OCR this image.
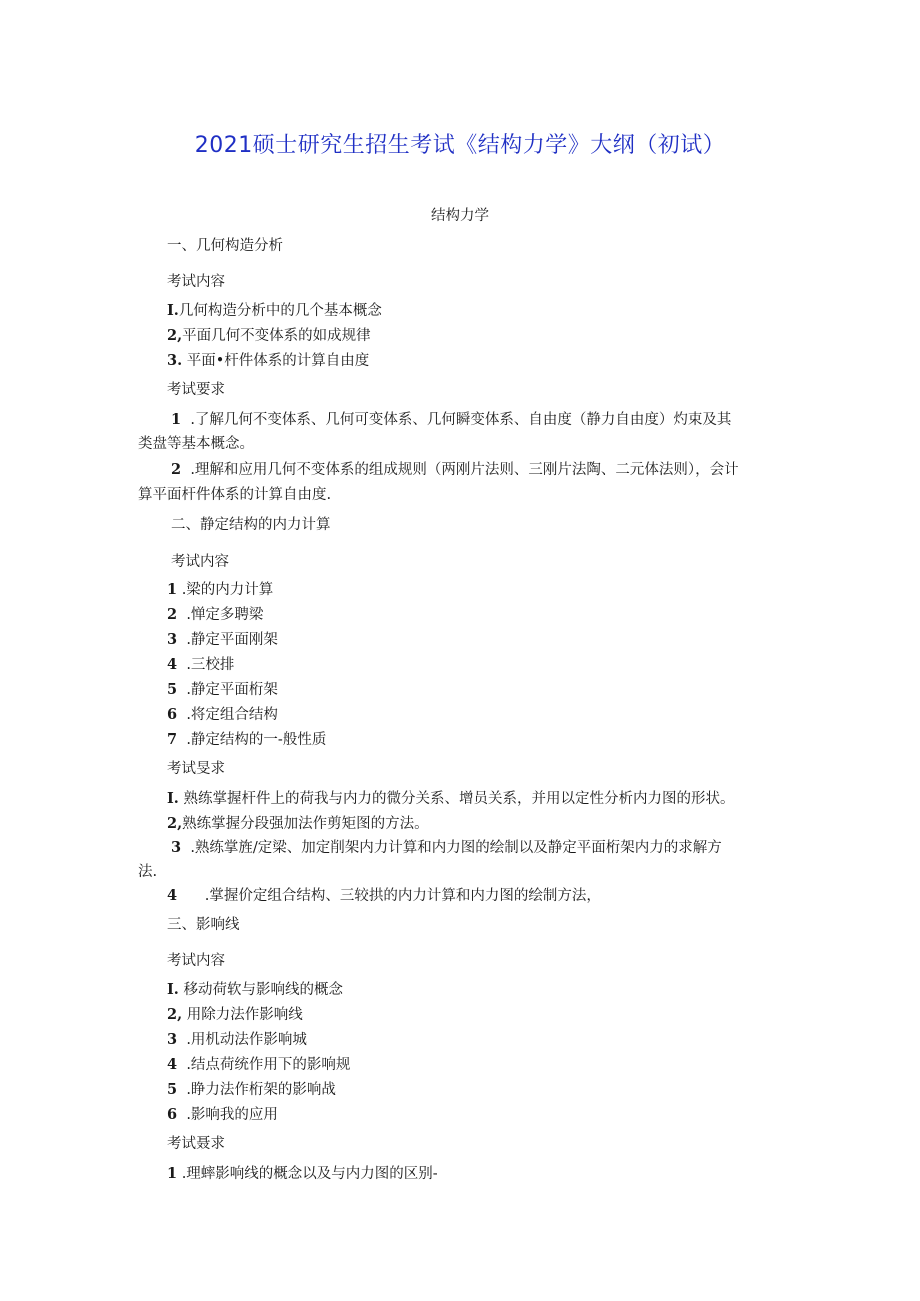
2021硕士研究生招生考试《结构力学》大纲（初试）
结构力学
一、几何构造分析
考试内容
I.几何构造分析中的几个基本概念
2,平面几何不变体系的如成规律
3. 平面•杆件体系的计算自由度
考试要求
1 .了解几何不变体系、几何可变体系、几何瞬变体系、自由度（静力自由度）灼束及其
类盘等基本概念。
2 .理解和应用几何不变体系的组成规则（两刚片法则、三刚片法陶、二元体法则），会计
算平面杆件体系的计算自由度.
二、静定结构的内力计算
考试内容
1 .梁的内力计算
2 .惮定多聘梁
3 .静定平面刚架
4 .三校排
5 .静定平面桁架
6 .将定组合结构
7 .静定结构的一-般性质
考试旻求
I. 熟练掌握杆件上的荷我与内力的微分关系、增员关系，并用以定性分析内力图的形状。
2,熟练掌握分段强加法作剪矩图的方法。
3 .熟练掌旌/定梁、加定削架内力计算和内力图的绘制以及静定平面桁架内力的求解方
法.
4 .掌握价定组合结构、三较拱的内力计算和内力图的绘制方法，
三、影响线
考试内容
I. 移动荷软与影响线的概念
2, 用除力法作影响线
3 .用机动法作影响城
4 .结点荷统作用下的影响规
5 .睁力法作桁架的影响战
6 .影响我的应用
考试聂求
1 .理蟀影响线的概念以及与内力图的区别-
